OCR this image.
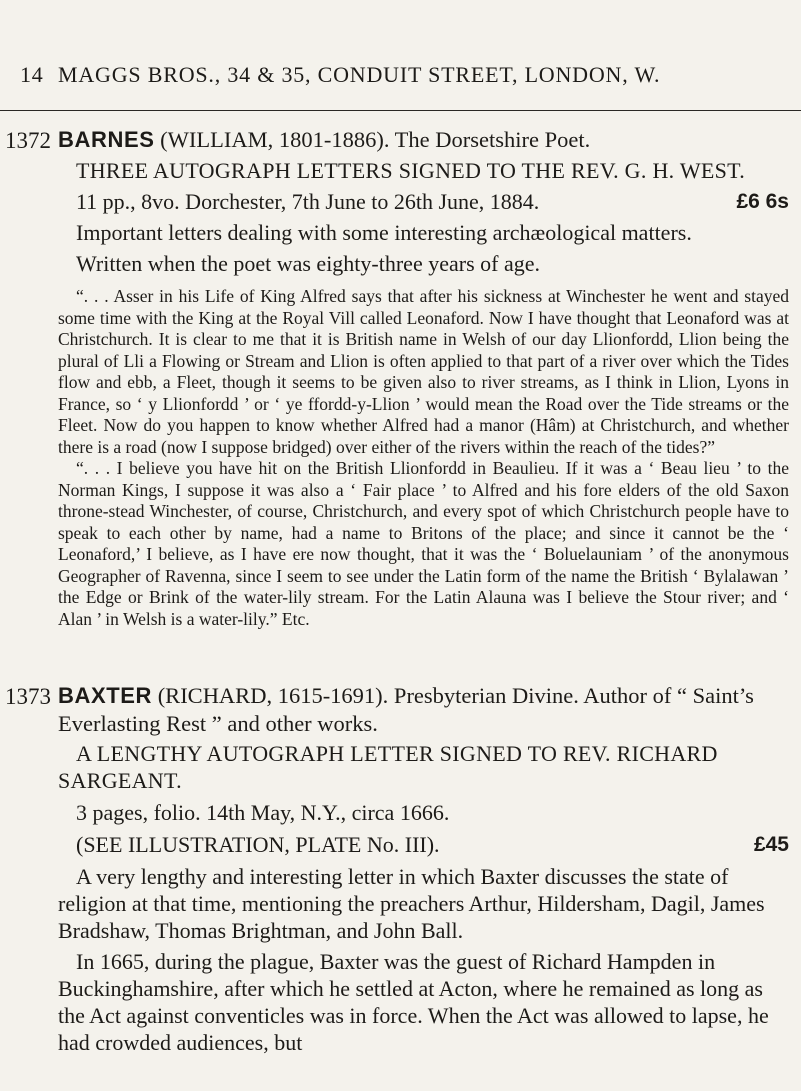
14 MAGGS BROS., 34 & 35, CONDUIT STREET, LONDON, W.
1372 BARNES (WILLIAM, 1801-1886). The Dorsetshire Poet.

THREE AUTOGRAPH LETTERS SIGNED TO THE REV. G. H. WEST.

11 pp., 8vo. Dorchester, 7th June to 26th June, 1884.	£6 6s

Important letters dealing with some interesting archæological matters.

Written when the poet was eighty-three years of age.

“. . . Asser in his Life of King Alfred says that after his sickness at Winchester he went and stayed some time with the King at the Royal Vill called Leonaford. Now I have thought that Leonaford was at Christchurch. It is clear to me that it is British name in Welsh of our day Llionfordd, Llion being the plural of Lli a Flowing or Stream and Llion is often applied to that part of a river over which the Tides flow and ebb, a Fleet, though it seems to be given also to river streams, as I think in Llion, Lyons in France, so ‘ y Llionfordd ’ or ‘ ye ffordd-y-Llion ’ would mean the Road over the Tide streams or the Fleet. Now do you happen to know whether Alfred had a manor (Hâm) at Christchurch, and whether there is a road (now I suppose bridged) over either of the rivers within the reach of the tides?”

“. . . I believe you have hit on the British Llionfordd in Beaulieu. If it was a ‘ Beau lieu ’ to the Norman Kings, I suppose it was also a ‘ Fair place ’ to Alfred and his fore elders of the old Saxon throne-stead Winchester, of course, Christchurch, and every spot of which Christchurch people have to speak to each other by name, had a name to Britons of the place; and since it cannot be the ‘ Leonaford,’ I believe, as I have ere now thought, that it was the ‘ Boluelauniam ’ of the anonymous Geographer of Ravenna, since I seem to see under the Latin form of the name the British ‘ Bylalawan ’ the Edge or Brink of the water-lily stream. For the Latin Alauna was I believe the Stour river; and ‘ Alan ’ in Welsh is a water-lily.” Etc.

1373 BAXTER (RICHARD, 1615-1691). Presbyterian Divine. Author of “ Saint’s Everlasting Rest ” and other works.

A LENGTHY AUTOGRAPH LETTER SIGNED TO REV. RICHARD SARGEANT.

3 pages, folio. 14th May, N.Y., circa 1666.

(SEE ILLUSTRATION, PLATE No. III).	£45

A very lengthy and interesting letter in which Baxter discusses the state of religion at that time, mentioning the preachers Arthur, Hildersham, Dagil, James Bradshaw, Thomas Brightman, and John Ball.

In 1665, during the plague, Baxter was the guest of Richard Hampden in Buckinghamshire, after which he settled at Acton, where he remained as long as the Act against conventicles was in force. When the Act was allowed to lapse, he had crowded audiences, but
